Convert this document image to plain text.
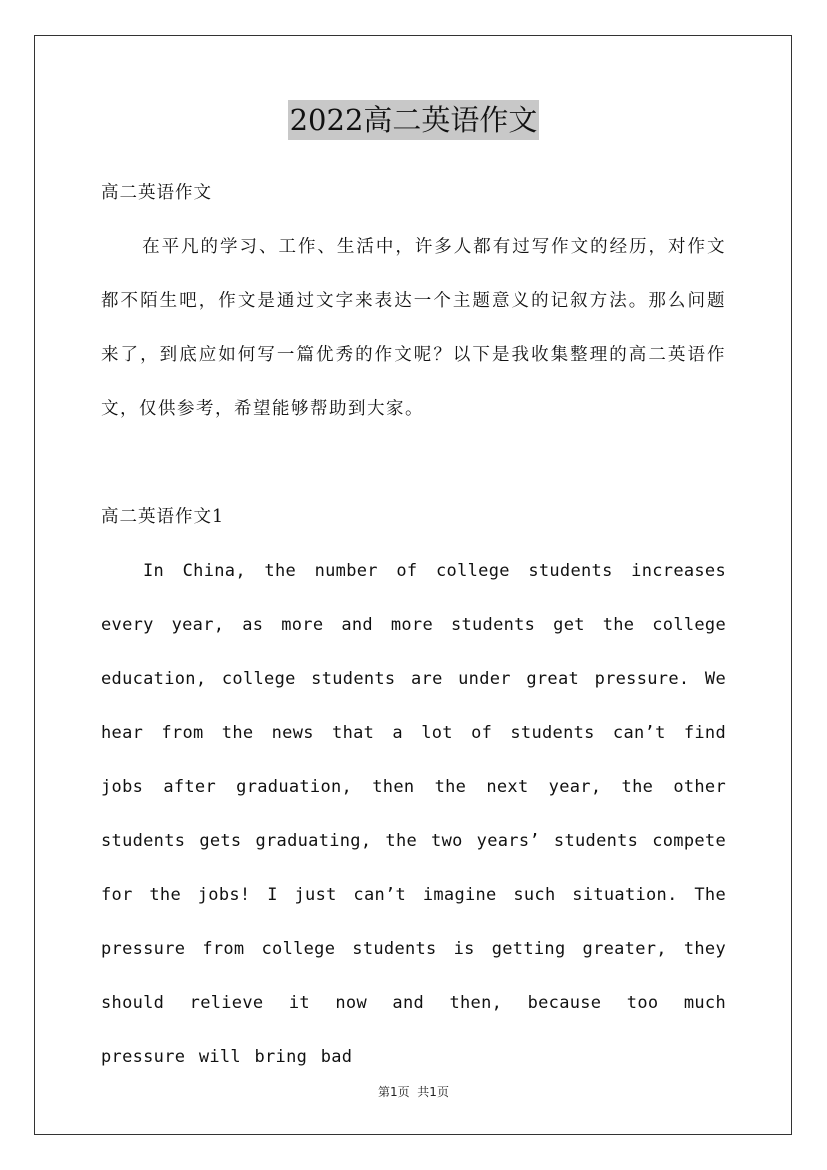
2022高二英语作文
高二英语作文
在平凡的学习、工作、生活中，许多人都有过写作文的经历，对作文都不陌生吧，作文是通过文字来表达一个主题意义的记叙方法。那么问题来了，到底应如何写一篇优秀的作文呢？以下是我收集整理的高二英语作文，仅供参考，希望能够帮助到大家。
高二英语作文1
In China, the number of college students increases every year, as more and more students get the college education, college students are under great pressure. We hear from the news that a lot of students can’t find jobs after graduation, then the next year, the other students gets graduating, the two years’ students compete for the jobs! I just can’t imagine such situation. The pressure from college students is getting greater, they should relieve it now and then, because too much pressure will bring bad
第1页  共1页
